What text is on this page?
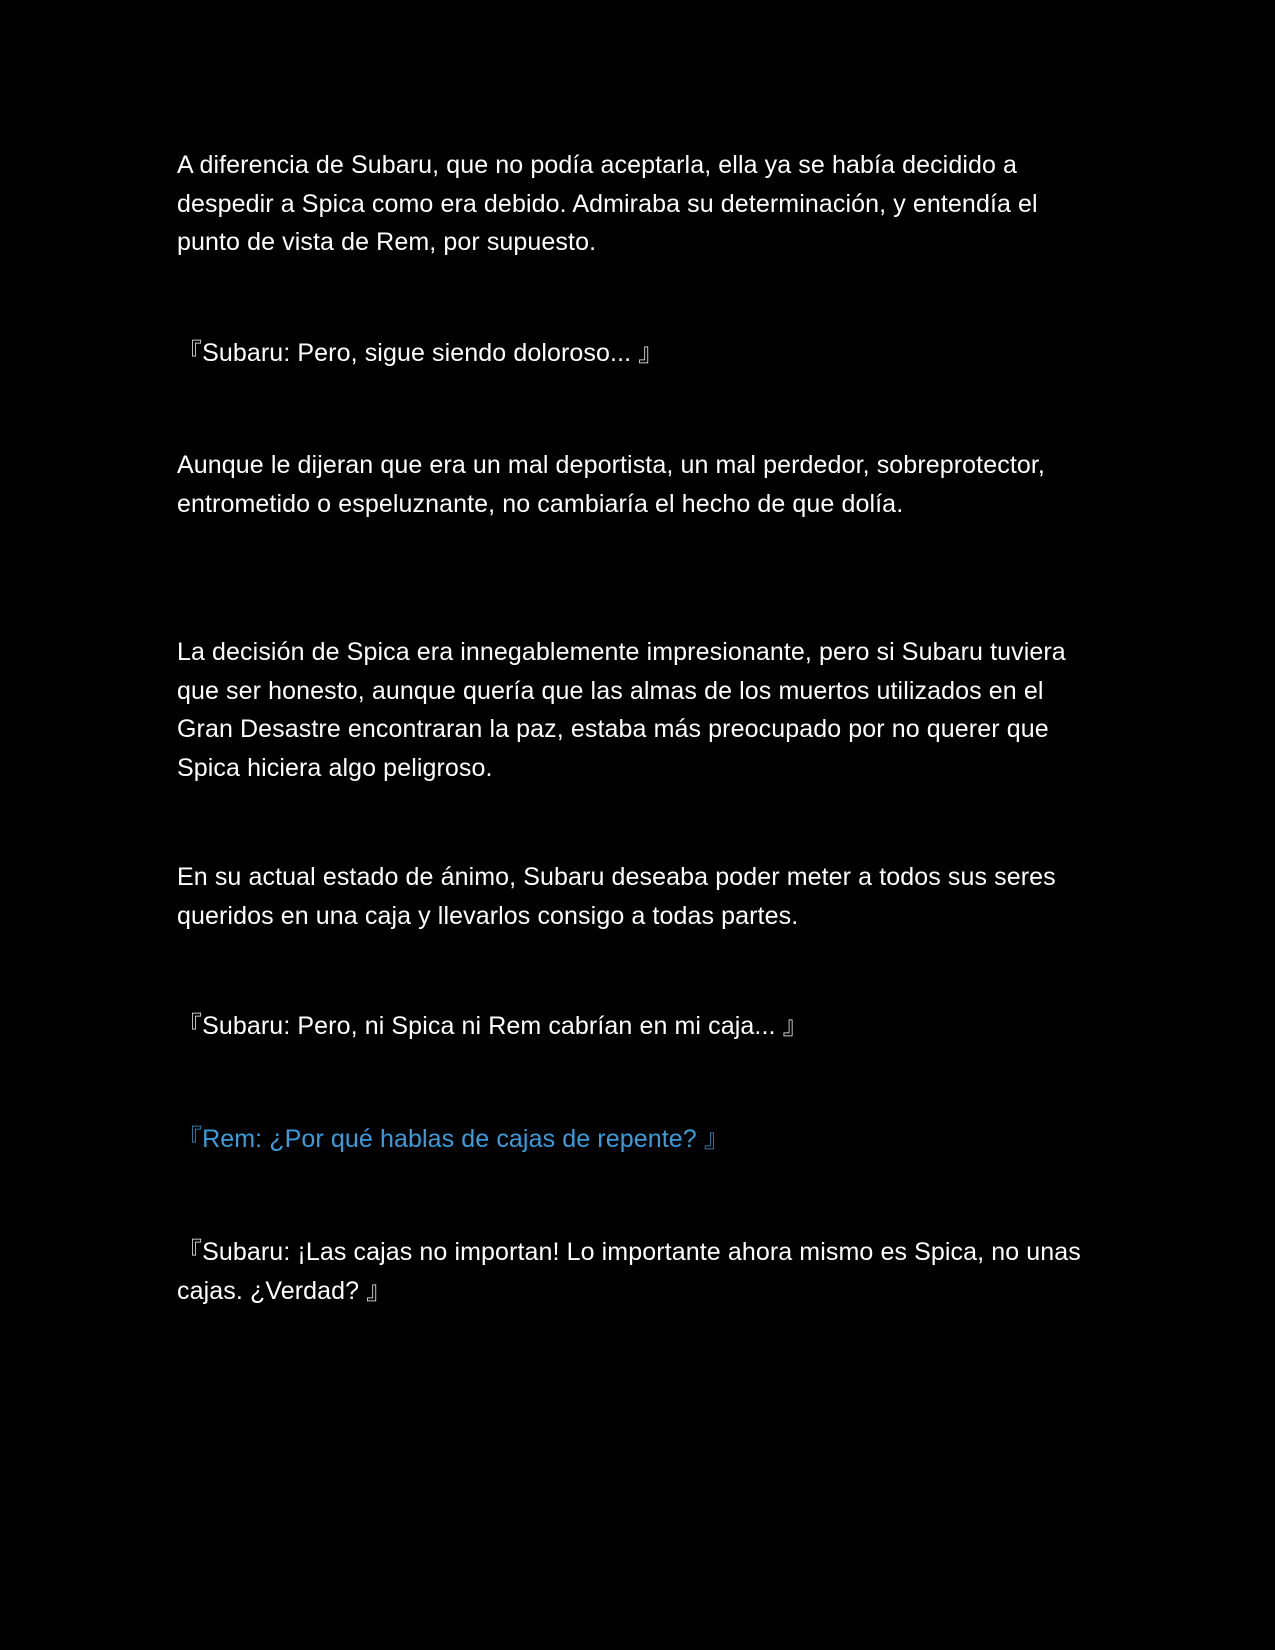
A diferencia de Subaru, que no podía aceptarla, ella ya se había decidido a despedir a Spica como era debido. Admiraba su determinación, y entendía el punto de vista de Rem, por supuesto.

『Subaru: Pero, sigue siendo doloroso... 』

Aunque le dijeran que era un mal deportista, un mal perdedor, sobreprotector, entrometido o espeluznante, no cambiaría el hecho de que dolía.

La decisión de Spica era innegablemente impresionante, pero si Subaru tuviera que ser honesto, aunque quería que las almas de los muertos utilizados en el Gran Desastre encontraran la paz, estaba más preocupado por no querer que Spica hiciera algo peligroso.

En su actual estado de ánimo, Subaru deseaba poder meter a todos sus seres queridos en una caja y llevarlos consigo a todas partes.

『Subaru: Pero, ni Spica ni Rem cabrían en mi caja... 』

『Rem: ¿Por qué hablas de cajas de repente? 』

『Subaru: ¡Las cajas no importan! Lo importante ahora mismo es Spica, no unas cajas. ¿Verdad? 』
